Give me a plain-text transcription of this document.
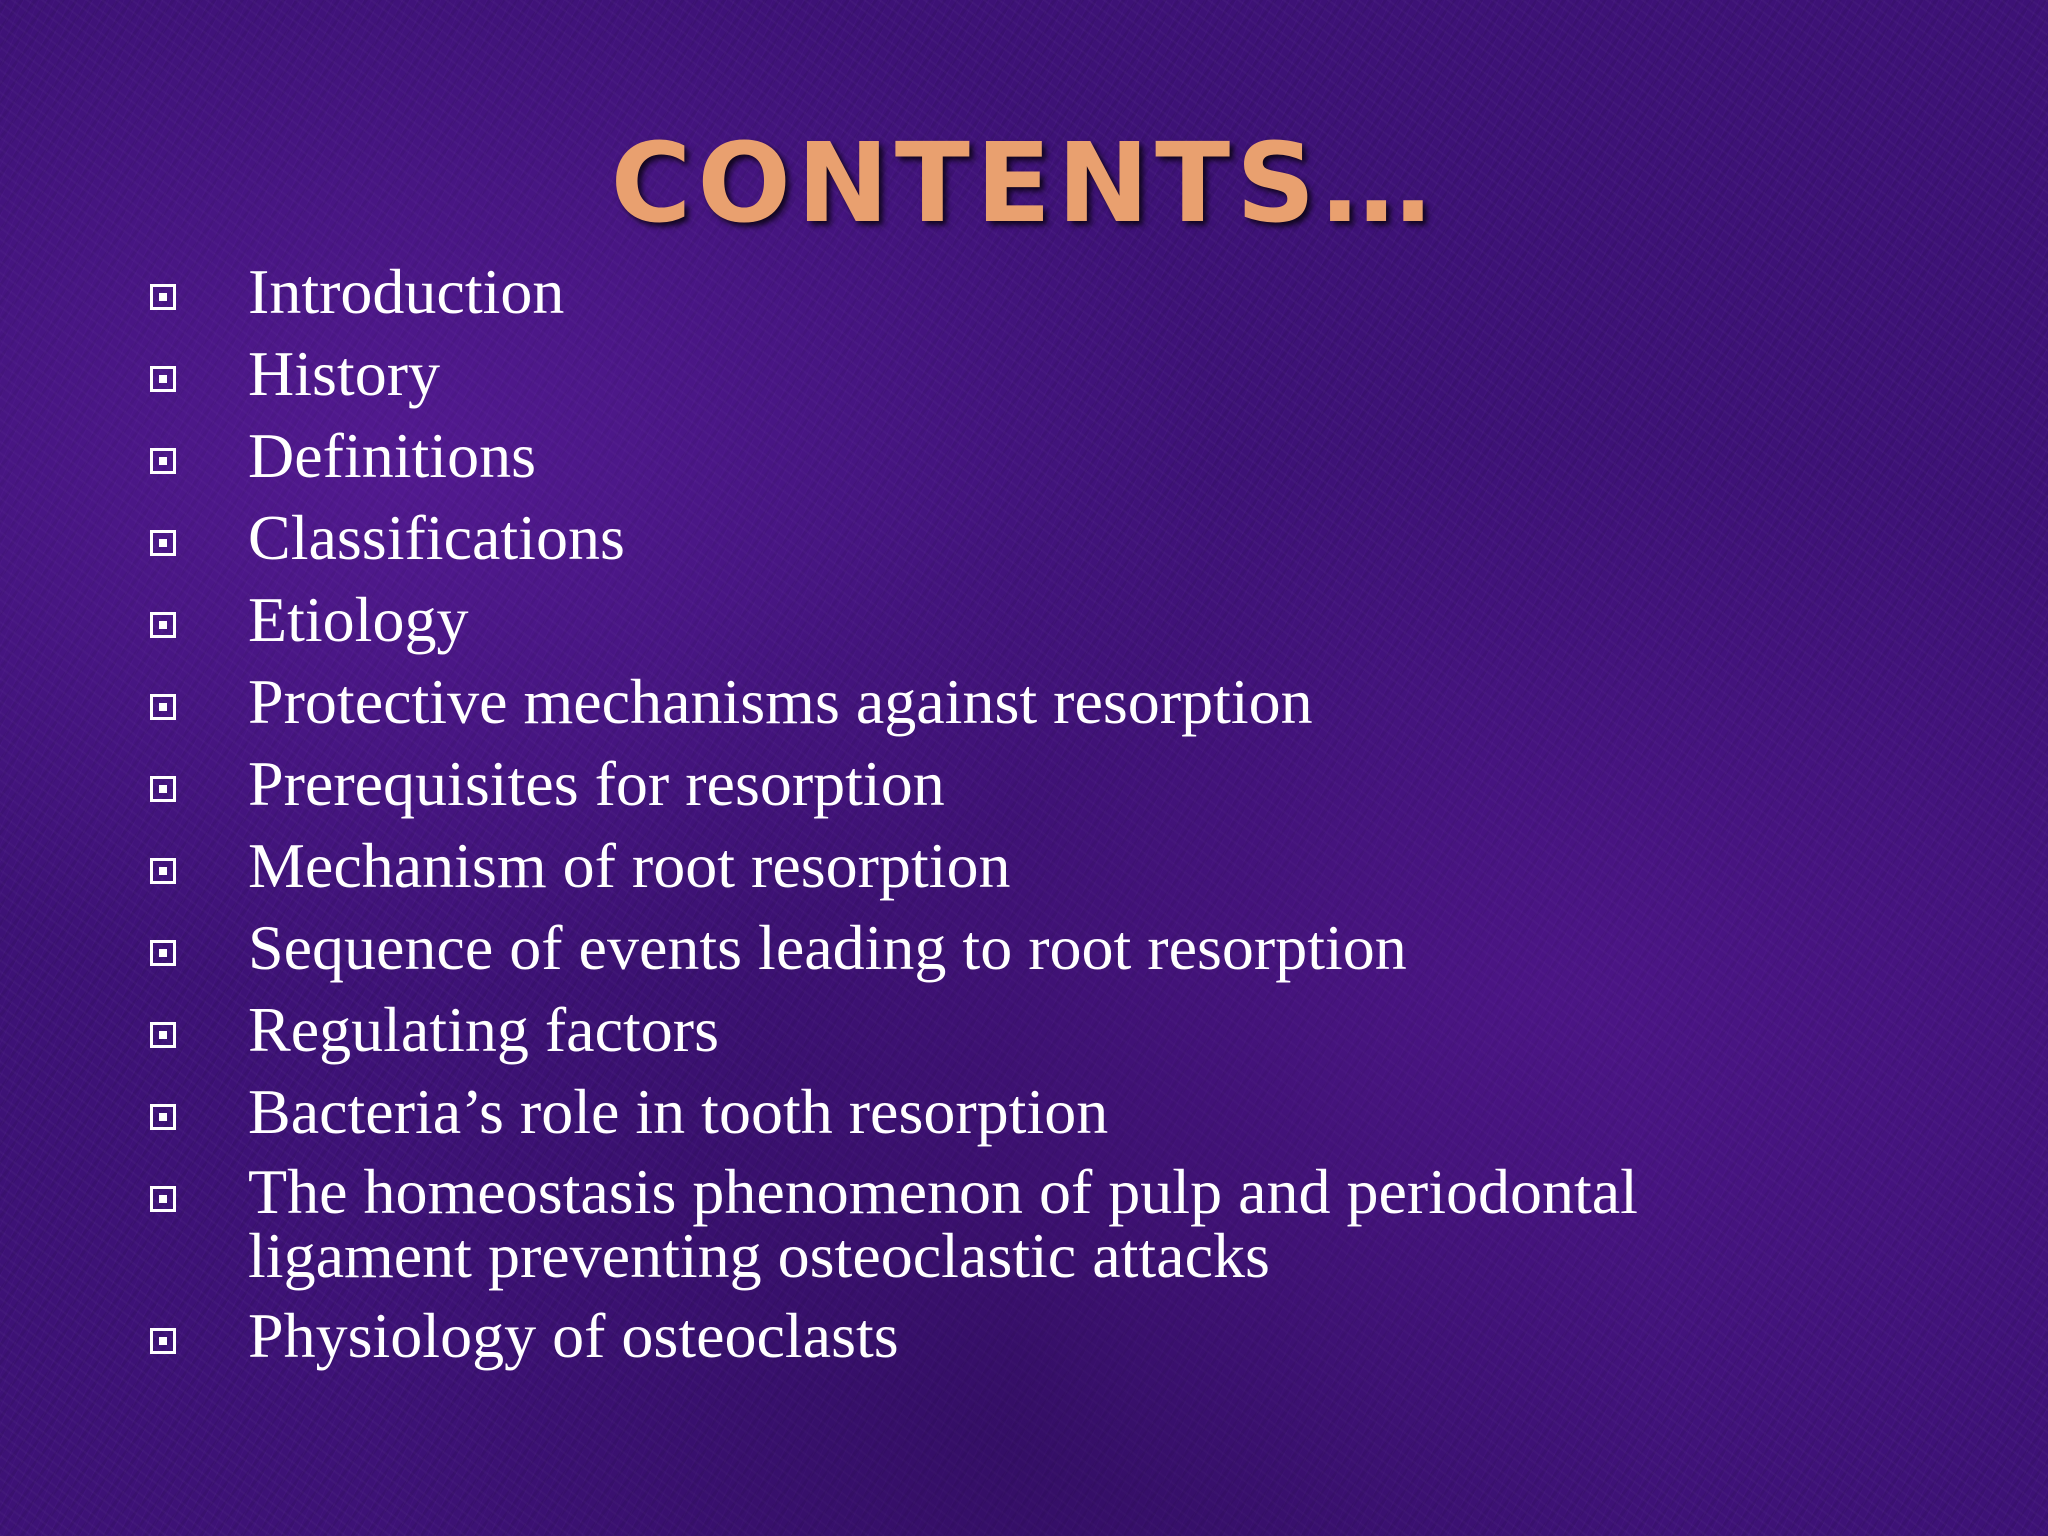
CONTENTS…
Introduction
History
Definitions
Classifications
Etiology
Protective mechanisms against resorption
Prerequisites for resorption
Mechanism of root resorption
Sequence of events leading to root resorption
Regulating factors
Bacteria’s role in tooth resorption
The homeostasis phenomenon of pulp and periodontal ligament preventing osteoclastic attacks
Physiology of osteoclasts
